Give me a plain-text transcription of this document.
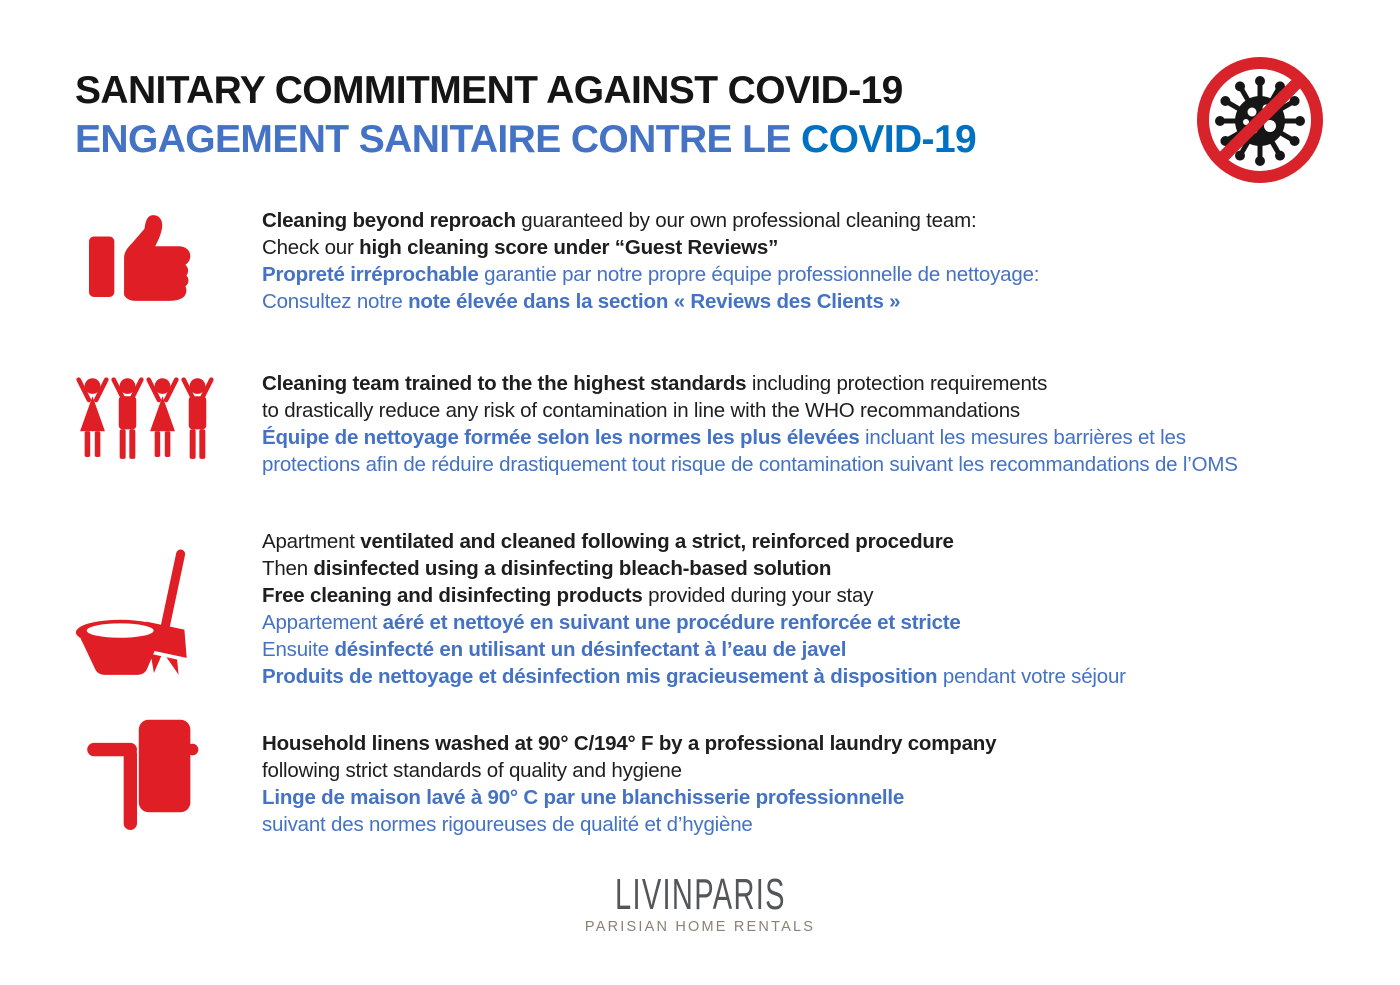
SANITARY COMMITMENT AGAINST COVID-19
ENGAGEMENT SANITAIRE CONTRE LE COVID-19
Cleaning beyond reproach guaranteed by our own professional cleaning team:
Check our high cleaning score under “Guest Reviews”
Propreté irréprochable garantie par notre propre équipe professionnelle de nettoyage:
Consultez notre note élevée dans la section « Reviews des Clients »
Cleaning team trained to the the highest standards including protection requirements
to drastically reduce any risk of contamination in line with the WHO recommandations
Équipe de nettoyage formée selon les normes les plus élevées incluant les mesures barrières et les
protections afin de réduire drastiquement tout risque de contamination suivant les recommandations de l’OMS
Apartment ventilated and cleaned following a strict, reinforced procedure
Then disinfected using a disinfecting bleach-based solution
Free cleaning and disinfecting products provided during your stay
Appartement aéré et nettoyé en suivant une procédure renforcée et stricte
Ensuite désinfecté en utilisant un désinfectant à l’eau de javel
Produits de nettoyage et désinfection mis gracieusement à disposition pendant votre séjour
Household linens washed at 90° C/194° F by a professional laundry company
following strict standards of quality and hygiene
Linge de maison lavé à 90° C par une blanchisserie professionnelle
suivant des normes rigoureuses de qualité et d’hygiène
LIVINPARIS
PARISIAN HOME RENTALS
